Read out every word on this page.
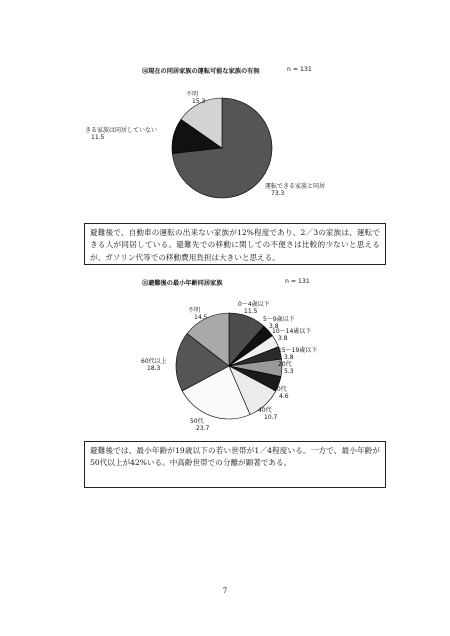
⑫現在の同居家族の運転可能な家族の有無	n = 131
運転できる家族と同居
73.3
きる家族は同居していない
11.5
不明
15.3
避難後で、自動車の運転の出来ない家族が12%程度であり、2／3の家族は、運転できる人が同居している。避難先での移動に関しての不便さは比較的少ないと思えるが、ガソリン代等での移動費用負担は大きいと思える。
⑪避難後の最小年齢同居家族	n = 131
0～4歳以下
11.5
5～9歳以下
3.8
10～14歳以下
3.8
15～19歳以下
3.8
20代
5.3
30代
4.6
40代
10.7
50代
23.7
60代以上
18.3
不明
14.5
避難後では、最小年齢が19歳以下の若い世帯が1／4程度いる。一方で、最小年齢が50代以上が42%いる。中高齢世帯での分離が顕著である。
7
